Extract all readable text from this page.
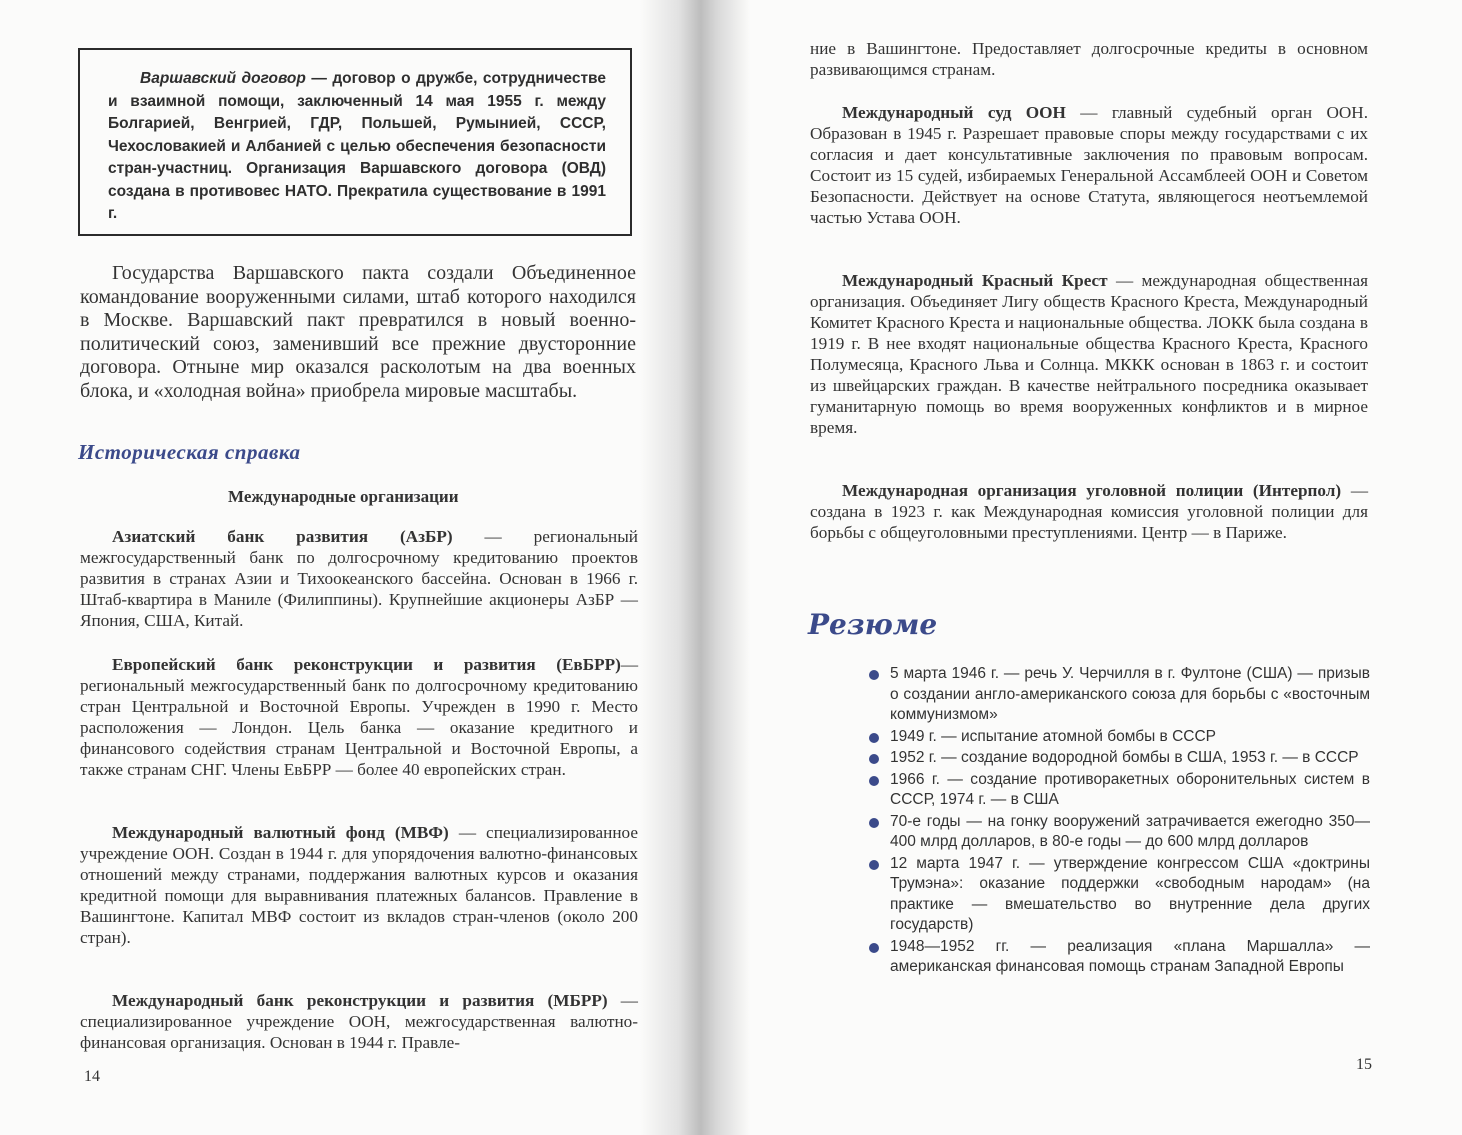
Варшавский договор — договор о дружбе, сотрудничестве и взаимной помощи, заключенный 14 мая 1955 г. между Болгарией, Венгрией, ГДР, Польшей, Румынией, СССР, Чехословакией и Албанией с целью обеспечения безопасности стран-участниц. Организация Варшавского договора (ОВД) создана в противовес НАТО. Прекратила существование в 1991 г.
Государства Варшавского пакта создали Объединенное командование вооруженными силами, штаб которого находился в Москве. Варшавский пакт превратился в новый военно-политический союз, заменивший все прежние двусторонние договора. Отныне мир оказался расколотым на два военных блока, и «холодная война» приобрела мировые масштабы.
Историческая справка
Международные организации
Азиатский банк развития (АзБР) — региональный межгосударственный банк по долгосрочному кредитованию проектов развития в странах Азии и Тихоокеанского бассейна. Основан в 1966 г. Штаб-квартира в Маниле (Филиппины). Крупнейшие акционеры АзБР — Япония, США, Китай.
Европейский банк реконструкции и развития (ЕвБРР)— региональный межгосударственный банк по долгосрочному кредитованию стран Центральной и Восточной Европы. Учрежден в 1990 г. Место расположения — Лондон. Цель банка — оказание кредитного и финансового содействия странам Центральной и Восточной Европы, а также странам СНГ. Члены ЕвБРР — более 40 европейских стран.
Международный валютный фонд (МВФ) — специализированное учреждение ООН. Создан в 1944 г. для упорядочения валютно-финансовых отношений между странами, поддержания валютных курсов и оказания кредитной помощи для выравнивания платежных балансов. Правление в Вашингтоне. Капитал МВФ состоит из вкладов стран-членов (около 200 стран).
Международный банк реконструкции и развития (МБРР) — специализированное учреждение ООН, межгосударственная валютно-финансовая организация. Основан в 1944 г. Правле-
14
ние в Вашингтоне. Предоставляет долгосрочные кредиты в основном развивающимся странам.
Международный суд ООН — главный судебный орган ООН. Образован в 1945 г. Разрешает правовые споры между государствами с их согласия и дает консультативные заключения по правовым вопросам. Состоит из 15 судей, избираемых Генеральной Ассамблеей ООН и Советом Безопасности. Действует на основе Статута, являющегося неотъемлемой частью Устава ООН.
Международный Красный Крест — международная общественная организация. Объединяет Лигу обществ Красного Креста, Международный Комитет Красного Креста и национальные общества. ЛОКК была создана в 1919 г. В нее входят национальные общества Красного Креста, Красного Полумесяца, Красного Льва и Солнца. МККК основан в 1863 г. и состоит из швейцарских граждан. В качестве нейтрального посредника оказывает гуманитарную помощь во время вооруженных конфликтов и в мирное время.
Международная организация уголовной полиции (Интерпол) — создана в 1923 г. как Международная комиссия уголовной полиции для борьбы с общеуголовными преступлениями. Центр — в Париже.
Резюме
5 марта 1946 г. — речь У. Черчилля в г. Фултоне (США) — призыв о создании англо-американского союза для борьбы с «восточным коммунизмом»
1949 г. — испытание атомной бомбы в СССР
1952 г. — создание водородной бомбы в США, 1953 г. — в СССР
1966 г. — создание противоракетных оборонительных систем в СССР, 1974 г. — в США
70-е годы — на гонку вооружений затрачивается ежегодно 350—400 млрд долларов, в 80-е годы — до 600 млрд долларов
12 марта 1947 г. — утверждение конгрессом США «доктрины Трумэна»: оказание поддержки «свободным народам» (на практике — вмешательство во внутренние дела других государств)
1948—1952 гг. — реализация «плана Маршалла» — американская финансовая помощь странам Западной Европы
15
